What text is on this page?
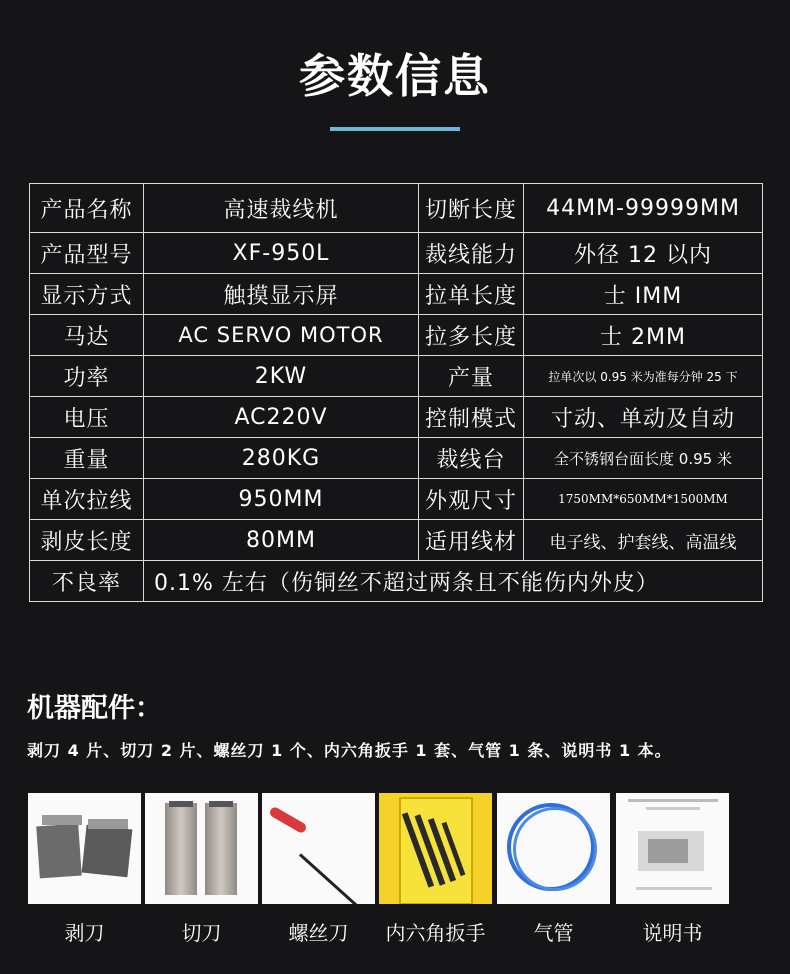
参数信息
产品名称	高速裁线机	切断长度	44MM-99999MM
产品型号	XF-950L	裁线能力	外径 12 以内
显示方式	触摸显示屏	拉单长度	士 IMM
马达	AC SERVO MOTOR	拉多长度	士 2MM
功率	2KW	产量	拉单次以 0.95 米为准每分钟 25 下
电压	AC220V	控制模式	寸动、单动及自动
重量	280KG	裁线台	全不锈钢台面长度 0.95 米
单次拉线	950MM	外观尺寸	1750MM*650MM*1500MM
剥皮长度	80MM	适用线材	电子线、护套线、高温线
不良率	0.1% 左右（伤铜丝不超过两条且不能伤内外皮）		
机器配件：
剥刀 4 片、切刀 2 片、螺丝刀 1 个、内六角扳手 1 套、气管 1 条、说明书 1 本。
剥刀	切刀	螺丝刀	内六角扳手	气管	说明书
